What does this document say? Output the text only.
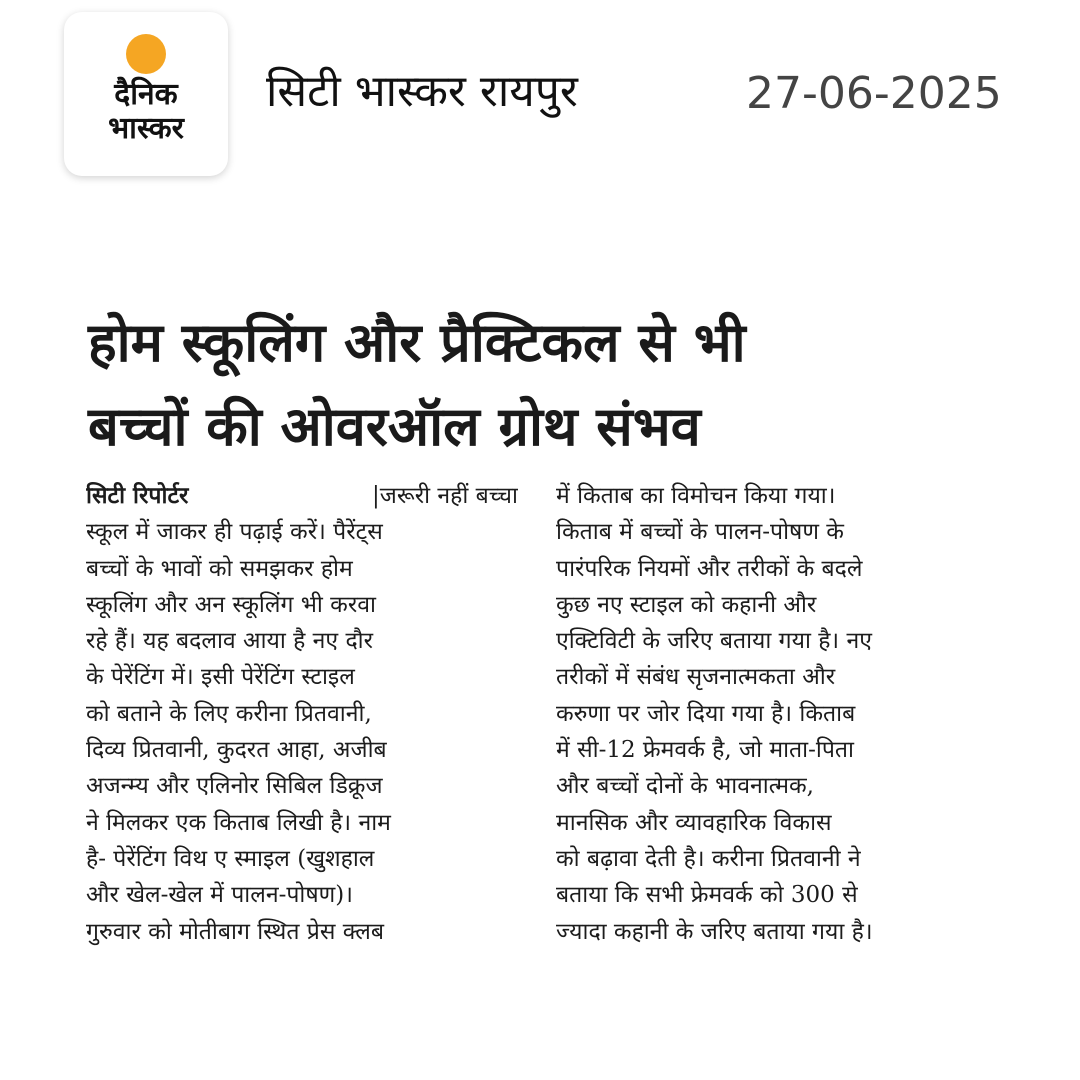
दैनिक
भास्कर
सिटी भास्कर रायपुर	27-06-2025
होम स्कूलिंग और प्रैक्टिकल से भी
बच्चों की ओवरऑल ग्रोथ संभव
सिटी रिपोर्टर
	|जरूरी नहीं बच्चा
स्कूल में जाकर ही पढ़ाई करें। पैरेंट्स
बच्चों के भावों को समझकर होम
स्कूलिंग और अन स्कूलिंग भी करवा
रहे हैं। यह बदलाव आया है नए दौर
के पेरेंटिंग में। इसी पेरेंटिंग स्टाइल
को बताने के लिए करीना प्रितवानी,
दिव्य प्रितवानी, कुदरत आहा, अजीब
अजन्म्य और एलिनोर सिबिल डिक्रूज
ने मिलकर एक किताब लिखी है। नाम
है- पेरेंटिंग विथ ए स्माइल (खुशहाल
और खेल-खेल में पालन-पोषण)।
गुरुवार को मोतीबाग स्थित प्रेस क्लब
में किताब का विमोचन किया गया।
किताब में बच्चों के पालन-पोषण के
पारंपरिक नियमों और तरीकों के बदले
कुछ नए स्टाइल को कहानी और
एक्टिविटी के जरिए बताया गया है। नए
तरीकों में संबंध सृजनात्मकता और
करुणा पर जोर दिया गया है। किताब
में सी-12 फ्रेमवर्क है, जो माता-पिता
और बच्चों दोनों के भावनात्मक,
मानसिक और व्यावहारिक विकास
को बढ़ावा देती है। करीना प्रितवानी ने
बताया कि सभी फ्रेमवर्क को 300 से
ज्यादा कहानी के जरिए बताया गया है।
